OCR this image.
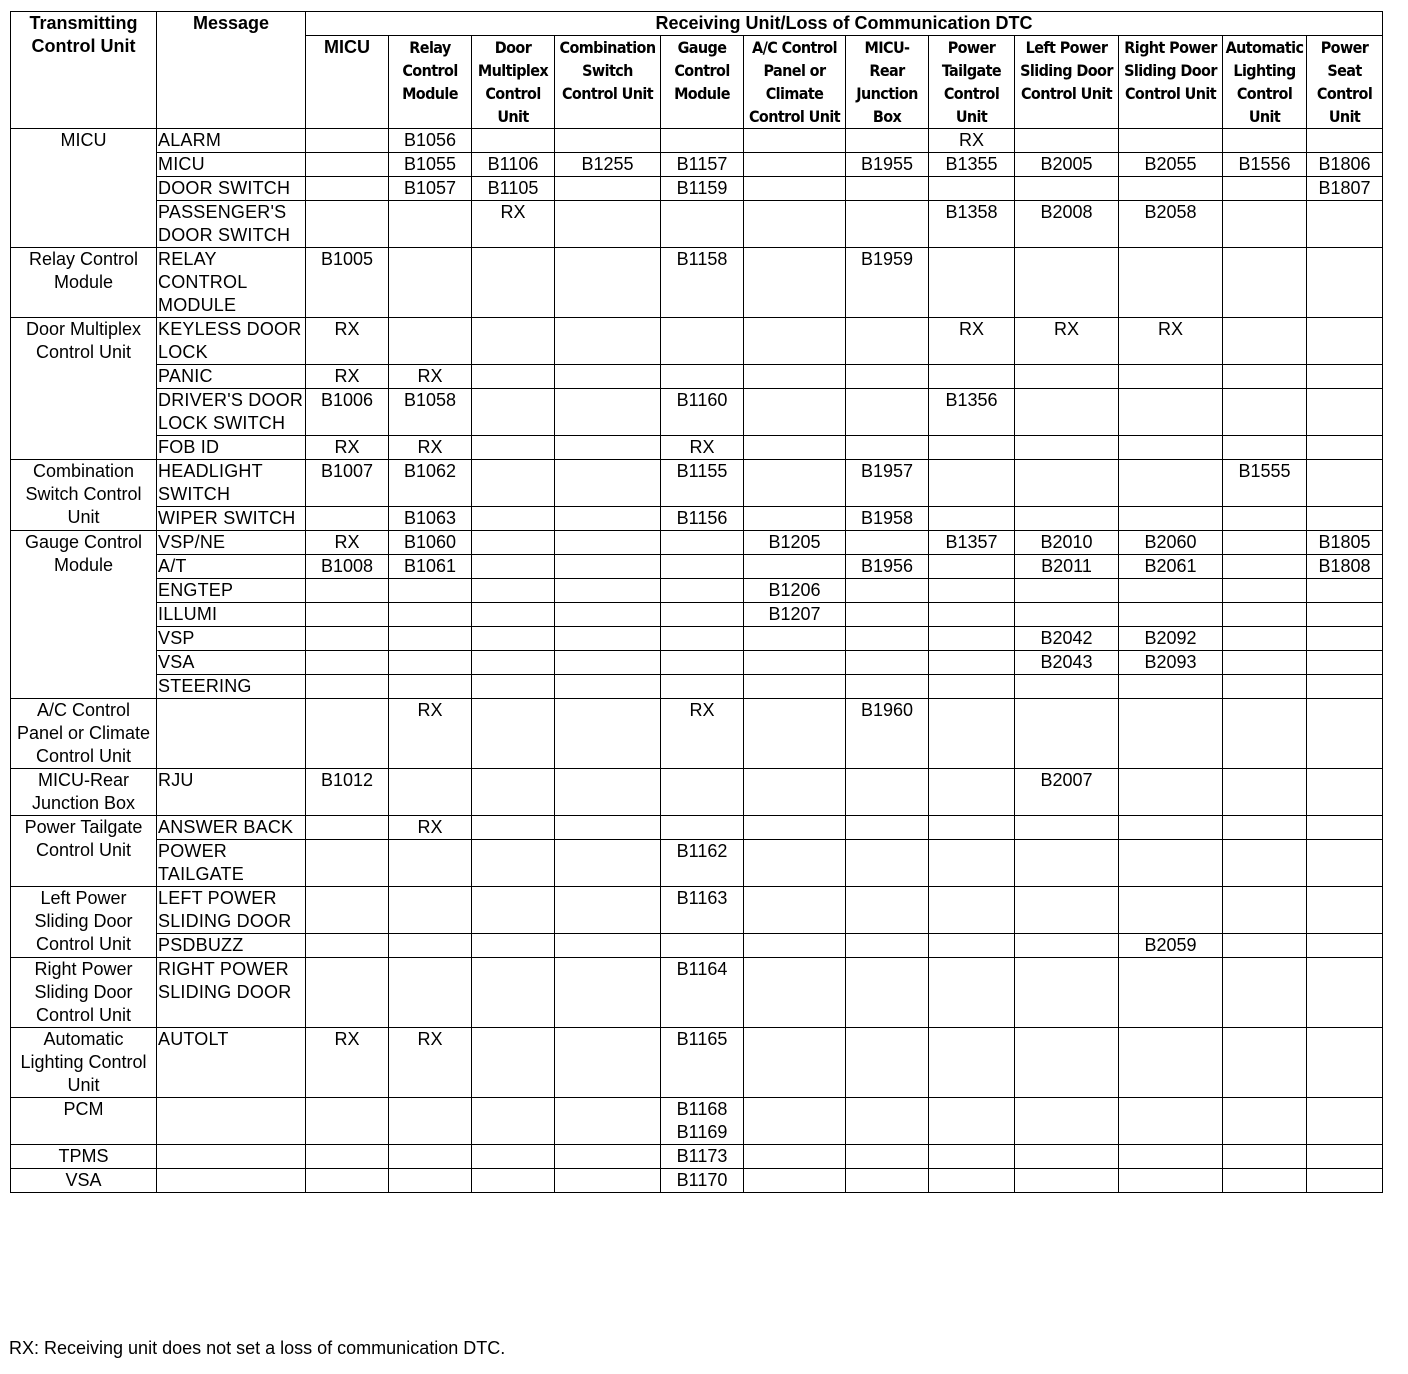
Transmitting Control Unit	Message	Receiving Unit/Loss of Communication DTC											
		MICU	Relay Control Module	Door Multiplex Control Unit	Combination Switch Control Unit	Gauge Control Module	A/C Control Panel or Climate Control Unit	MICU-Rear Junction Box	Power Tailgate Control Unit	Left Power Sliding Door Control Unit	Right Power Sliding Door Control Unit	Automatic Lighting Control Unit	Power Seat Control Unit
MICU	ALARM		B1056						RX				
	MICU		B1055	B1106	B1255	B1157		B1955	B1355	B2005	B2055	B1556	B1806
	DOOR SWITCH		B1057	B1105		B1159							B1807
	PASSENGER'S DOOR SWITCH			RX					B1358	B2008	B2058		
Relay Control Module	RELAY CONTROL MODULE	B1005				B1158		B1959					
Door Multiplex Control Unit	KEYLESS DOOR LOCK	RX							RX	RX	RX		
	PANIC	RX	RX										
	DRIVER'S DOOR LOCK SWITCH	B1006	B1058			B1160			B1356				
	FOB ID	RX	RX			RX							
Combination Switch Control Unit	HEADLIGHT SWITCH	B1007	B1062			B1155		B1957				B1555	
	WIPER SWITCH		B1063			B1156		B1958					
Gauge Control Module	VSP/NE	RX	B1060				B1205		B1357	B2010	B2060		B1805
	A/T	B1008	B1061					B1956		B2011	B2061		B1808
	ENGTEP						B1206						
	ILLUMI						B1207						
	VSP									B2042	B2092		
	VSA									B2043	B2093		
	STEERING												
A/C Control Panel or Climate Control Unit			RX			RX		B1960					
MICU-Rear Junction Box	RJU	B1012								B2007			
Power Tailgate Control Unit	ANSWER BACK		RX										
	POWER TAILGATE					B1162							
Left Power Sliding Door Control Unit	LEFT POWER SLIDING DOOR					B1163							
	PSDBUZZ										B2059		
Right Power Sliding Door Control Unit	RIGHT POWER SLIDING DOOR					B1164							
Automatic Lighting Control Unit	AUTOLT	RX	RX			B1165							
PCM						B1168 B1169							
TPMS						B1173							
VSA						B1170							
RX: Receiving unit does not set a loss of communication DTC.
